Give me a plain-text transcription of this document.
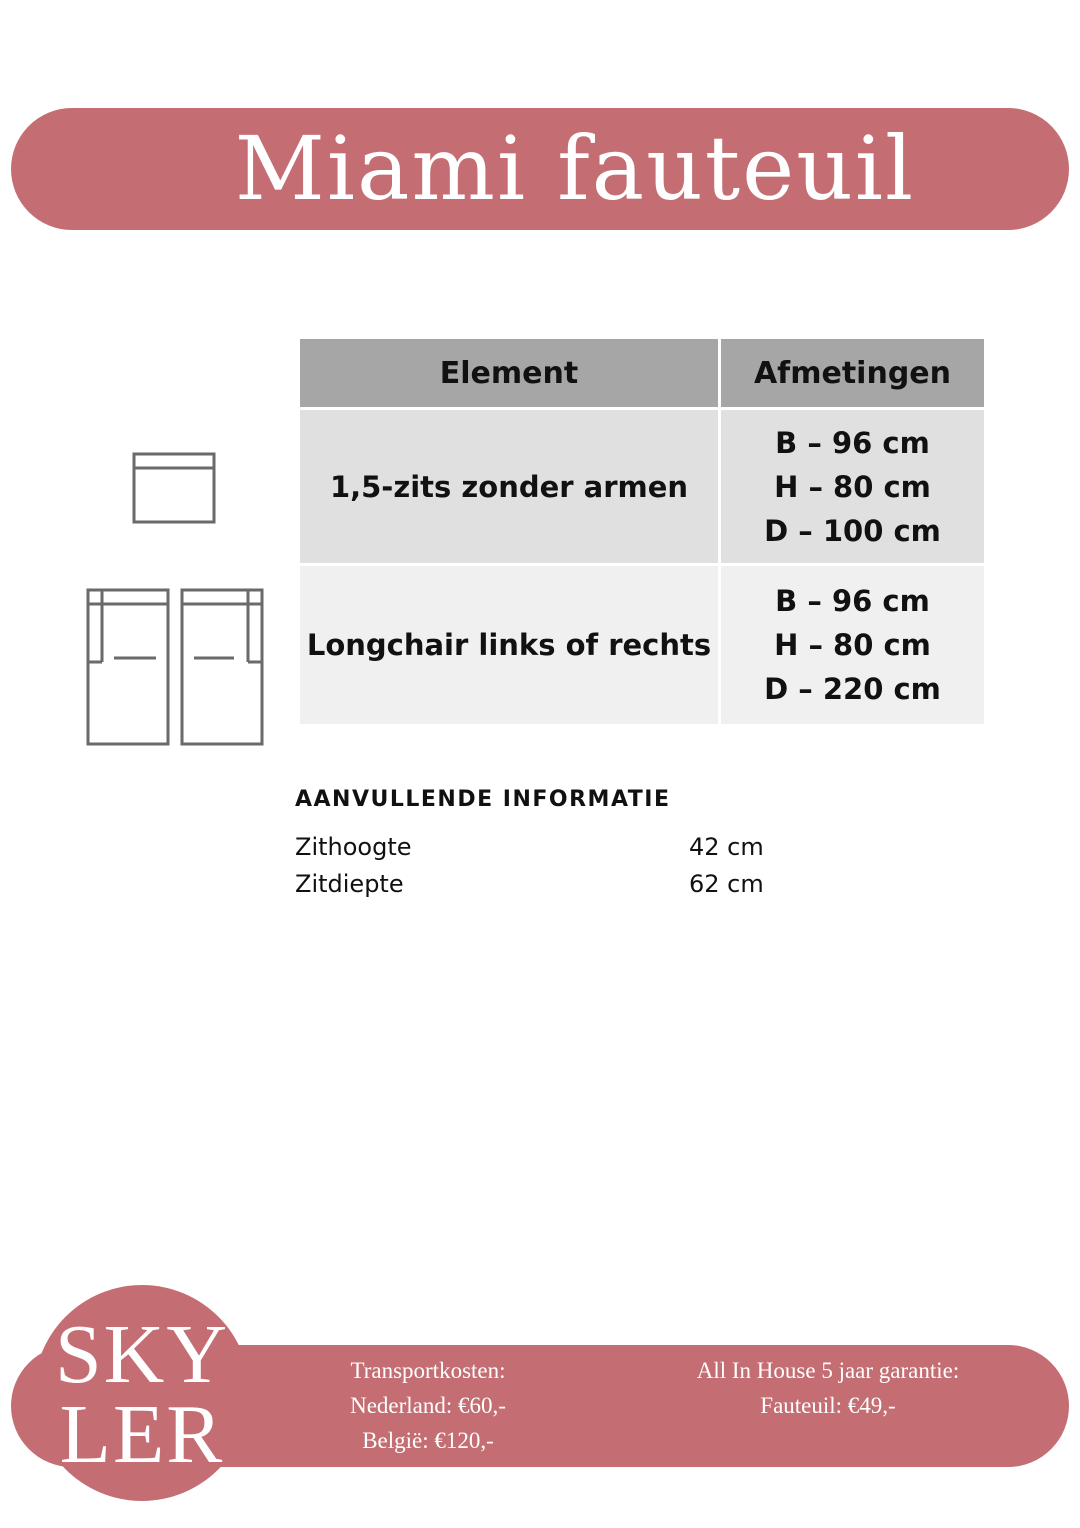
Miami fauteuil
Element	Afmetingen
1,5-zits zonder armen	B – 96 cm
H – 80 cm
D – 100 cm

Longchair links of rechts	B – 96 cm
H – 80 cm
D – 220 cm
AANVULLENDE INFORMATIE
Zithoogte	42 cm
Zitdiepte	62 cm
SKY
LER
Transportkosten:
Nederland: €60,-
België: €120,-
All In House 5 jaar garantie:
Fauteuil: €49,-
